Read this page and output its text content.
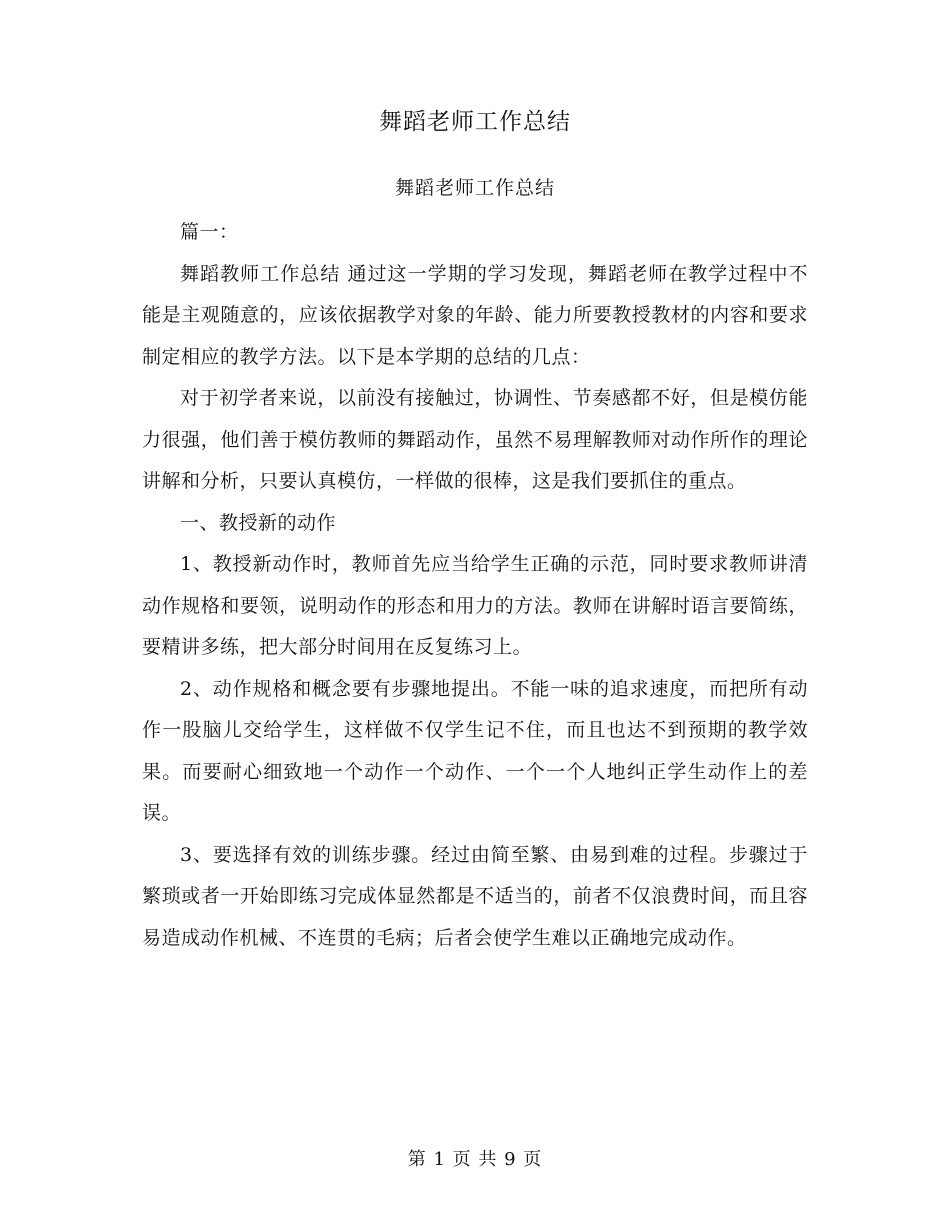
舞蹈老师工作总结
舞蹈老师工作总结

篇一：

舞蹈教师工作总结 通过这一学期的学习发现，舞蹈老师在教学过程中不能是主观随意的，应该依据教学对象的年龄、能力所要教授教材的内容和要求制定相应的教学方法。以下是本学期的总结的几点：

对于初学者来说，以前没有接触过，协调性、节奏感都不好，但是模仿能力很强，他们善于模仿教师的舞蹈动作，虽然不易理解教师对动作所作的理论讲解和分析，只要认真模仿，一样做的很棒，这是我们要抓住的重点。

一、教授新的动作

1、教授新动作时，教师首先应当给学生正确的示范，同时要求教师讲清动作规格和要领，说明动作的形态和用力的方法。教师在讲解时语言要简练，要精讲多练，把大部分时间用在反复练习上。

2、动作规格和概念要有步骤地提出。不能一味的追求速度，而把所有动作一股脑儿交给学生，这样做不仅学生记不住，而且也达不到预期的教学效果。而要耐心细致地一个动作一个动作、一个一个人地纠正学生动作上的差误。

3、要选择有效的训练步骤。经过由简至繁、由易到难的过程。步骤过于繁琐或者一开始即练习完成体显然都是不适当的，前者不仅浪费时间，而且容易造成动作机械、不连贯的毛病；后者会使学生难以正确地完成动作。

第 1 页 共 9 页
